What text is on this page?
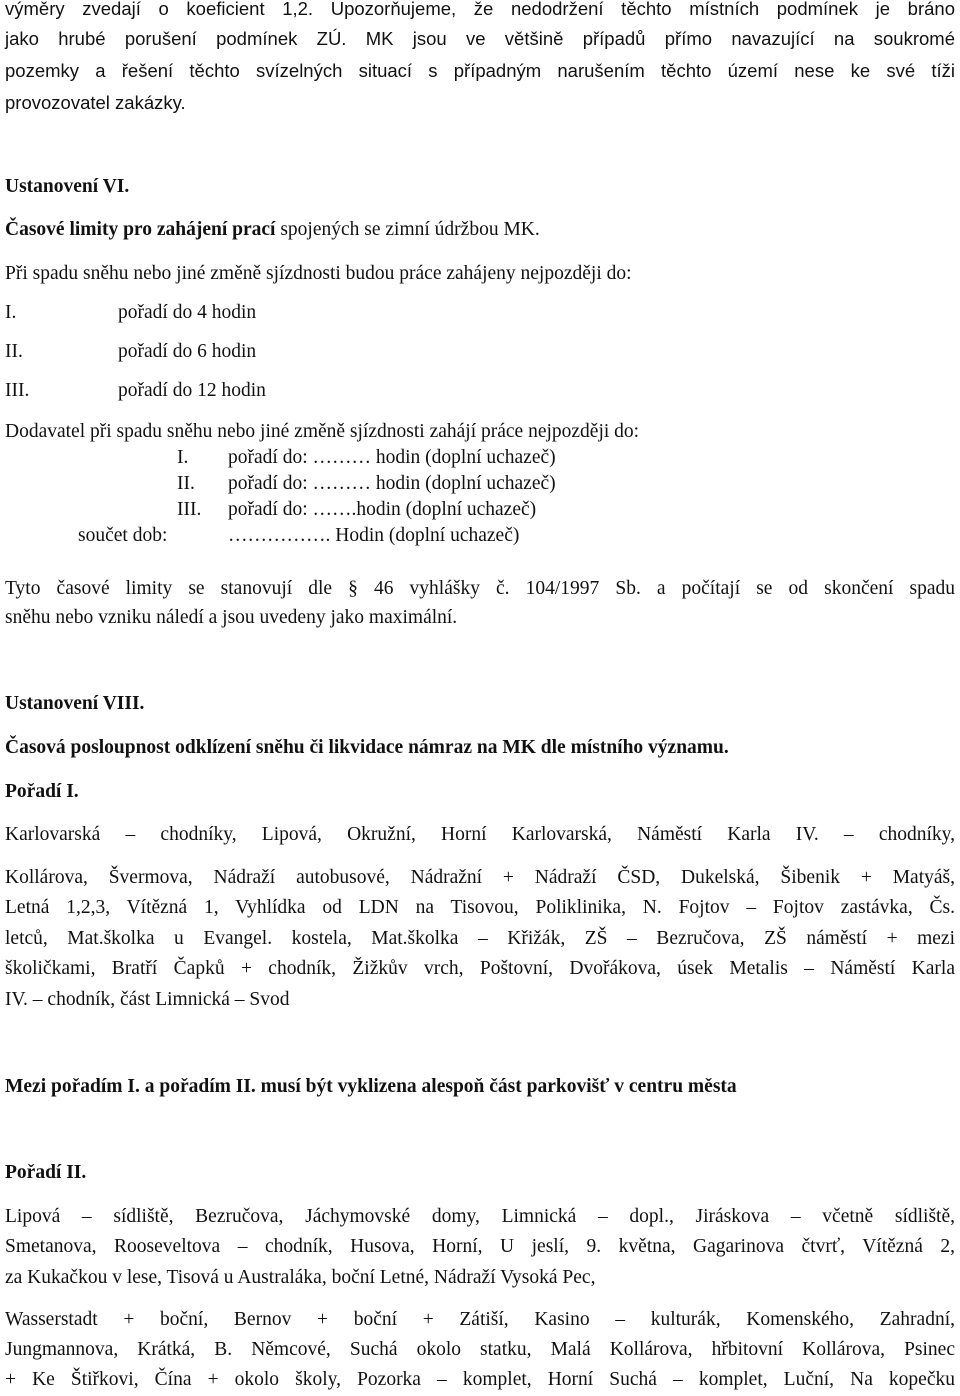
výměry zvedají o koeficient 1,2. Upozorňujeme, že nedodržení těchto místních podmínek je bráno
jako hrubé porušení podmínek ZÚ. MK jsou ve většině případů přímo navazující na soukromé
pozemky a řešení těchto svízelných situací s případným narušením těchto území nese ke své tíži
provozovatel zakázky.
Ustanovení VI.
Časové limity pro zahájení prací spojených se zimní údržbou MK.
Při spadu sněhu nebo jiné změně sjízdnosti budou práce zahájeny nejpozději do:
I.	pořadí do 4 hodin
II.	pořadí do 6 hodin
III.	pořadí do 12 hodin
Dodavatel při spadu sněhu nebo jiné změně sjízdnosti zahájí práce nejpozději do:
I. pořadí do: ……… hodin (doplní uchazeč)
II. pořadí do: ……… hodin (doplní uchazeč)
III. pořadí do: …….hodin (doplní uchazeč)
součet dob:	……………. Hodin (doplní uchazeč)
Tyto časové limity se stanovují dle § 46 vyhlášky č. 104/1997 Sb. a počítají se od skončení spadu
sněhu nebo vzniku náledí a jsou uvedeny jako maximální.
Ustanovení VIII.
Časová posloupnost odklízení sněhu či likvidace námraz na MK dle místního významu.
Pořadí I.
Karlovarská – chodníky, Lipová, Okružní, Horní Karlovarská, Náměstí Karla IV. – chodníky,
Kollárova, Švermova, Nádraží autobusové, Nádražní + Nádraží ČSD, Dukelská, Šibenik + Matyáš,
Letná 1,2,3, Vítězná 1, Vyhlídka od LDN na Tisovou, Poliklinika, N. Fojtov – Fojtov zastávka, Čs.
letců, Mat.školka u Evangel. kostela, Mat.školka – Křižák, ZŠ – Bezručova, ZŠ náměstí + mezi
školičkami, Bratří Čapků + chodník, Žižkův vrch, Poštovní, Dvořákova, úsek Metalis – Náměstí Karla
IV. – chodník, část Limnická – Svod
Mezi pořadím I. a pořadím II. musí být vyklizena alespoň část parkovišť v centru města
Pořadí II.
Lipová – sídliště, Bezručova, Jáchymovské domy, Limnická – dopl., Jiráskova – včetně sídliště,
Smetanova, Rooseveltova – chodník, Husova, Horní, U jeslí, 9. května, Gagarinova čtvrť, Vítězná 2,
za Kukačkou v lese, Tisová u Australáka, boční Letné, Nádraží Vysoká Pec,
Wasserstadt + boční, Bernov + boční + Zátiší, Kasino – kulturák, Komenského, Zahradní,
Jungmannova, Krátká, B. Němcové, Suchá okolo statku, Malá Kollárova, hřbitovní Kollárova, Psinec
+ Ke Štiřkovi, Čína + okolo školy, Pozorka – komplet, Horní Suchá – komplet, Luční, Na kopečku
